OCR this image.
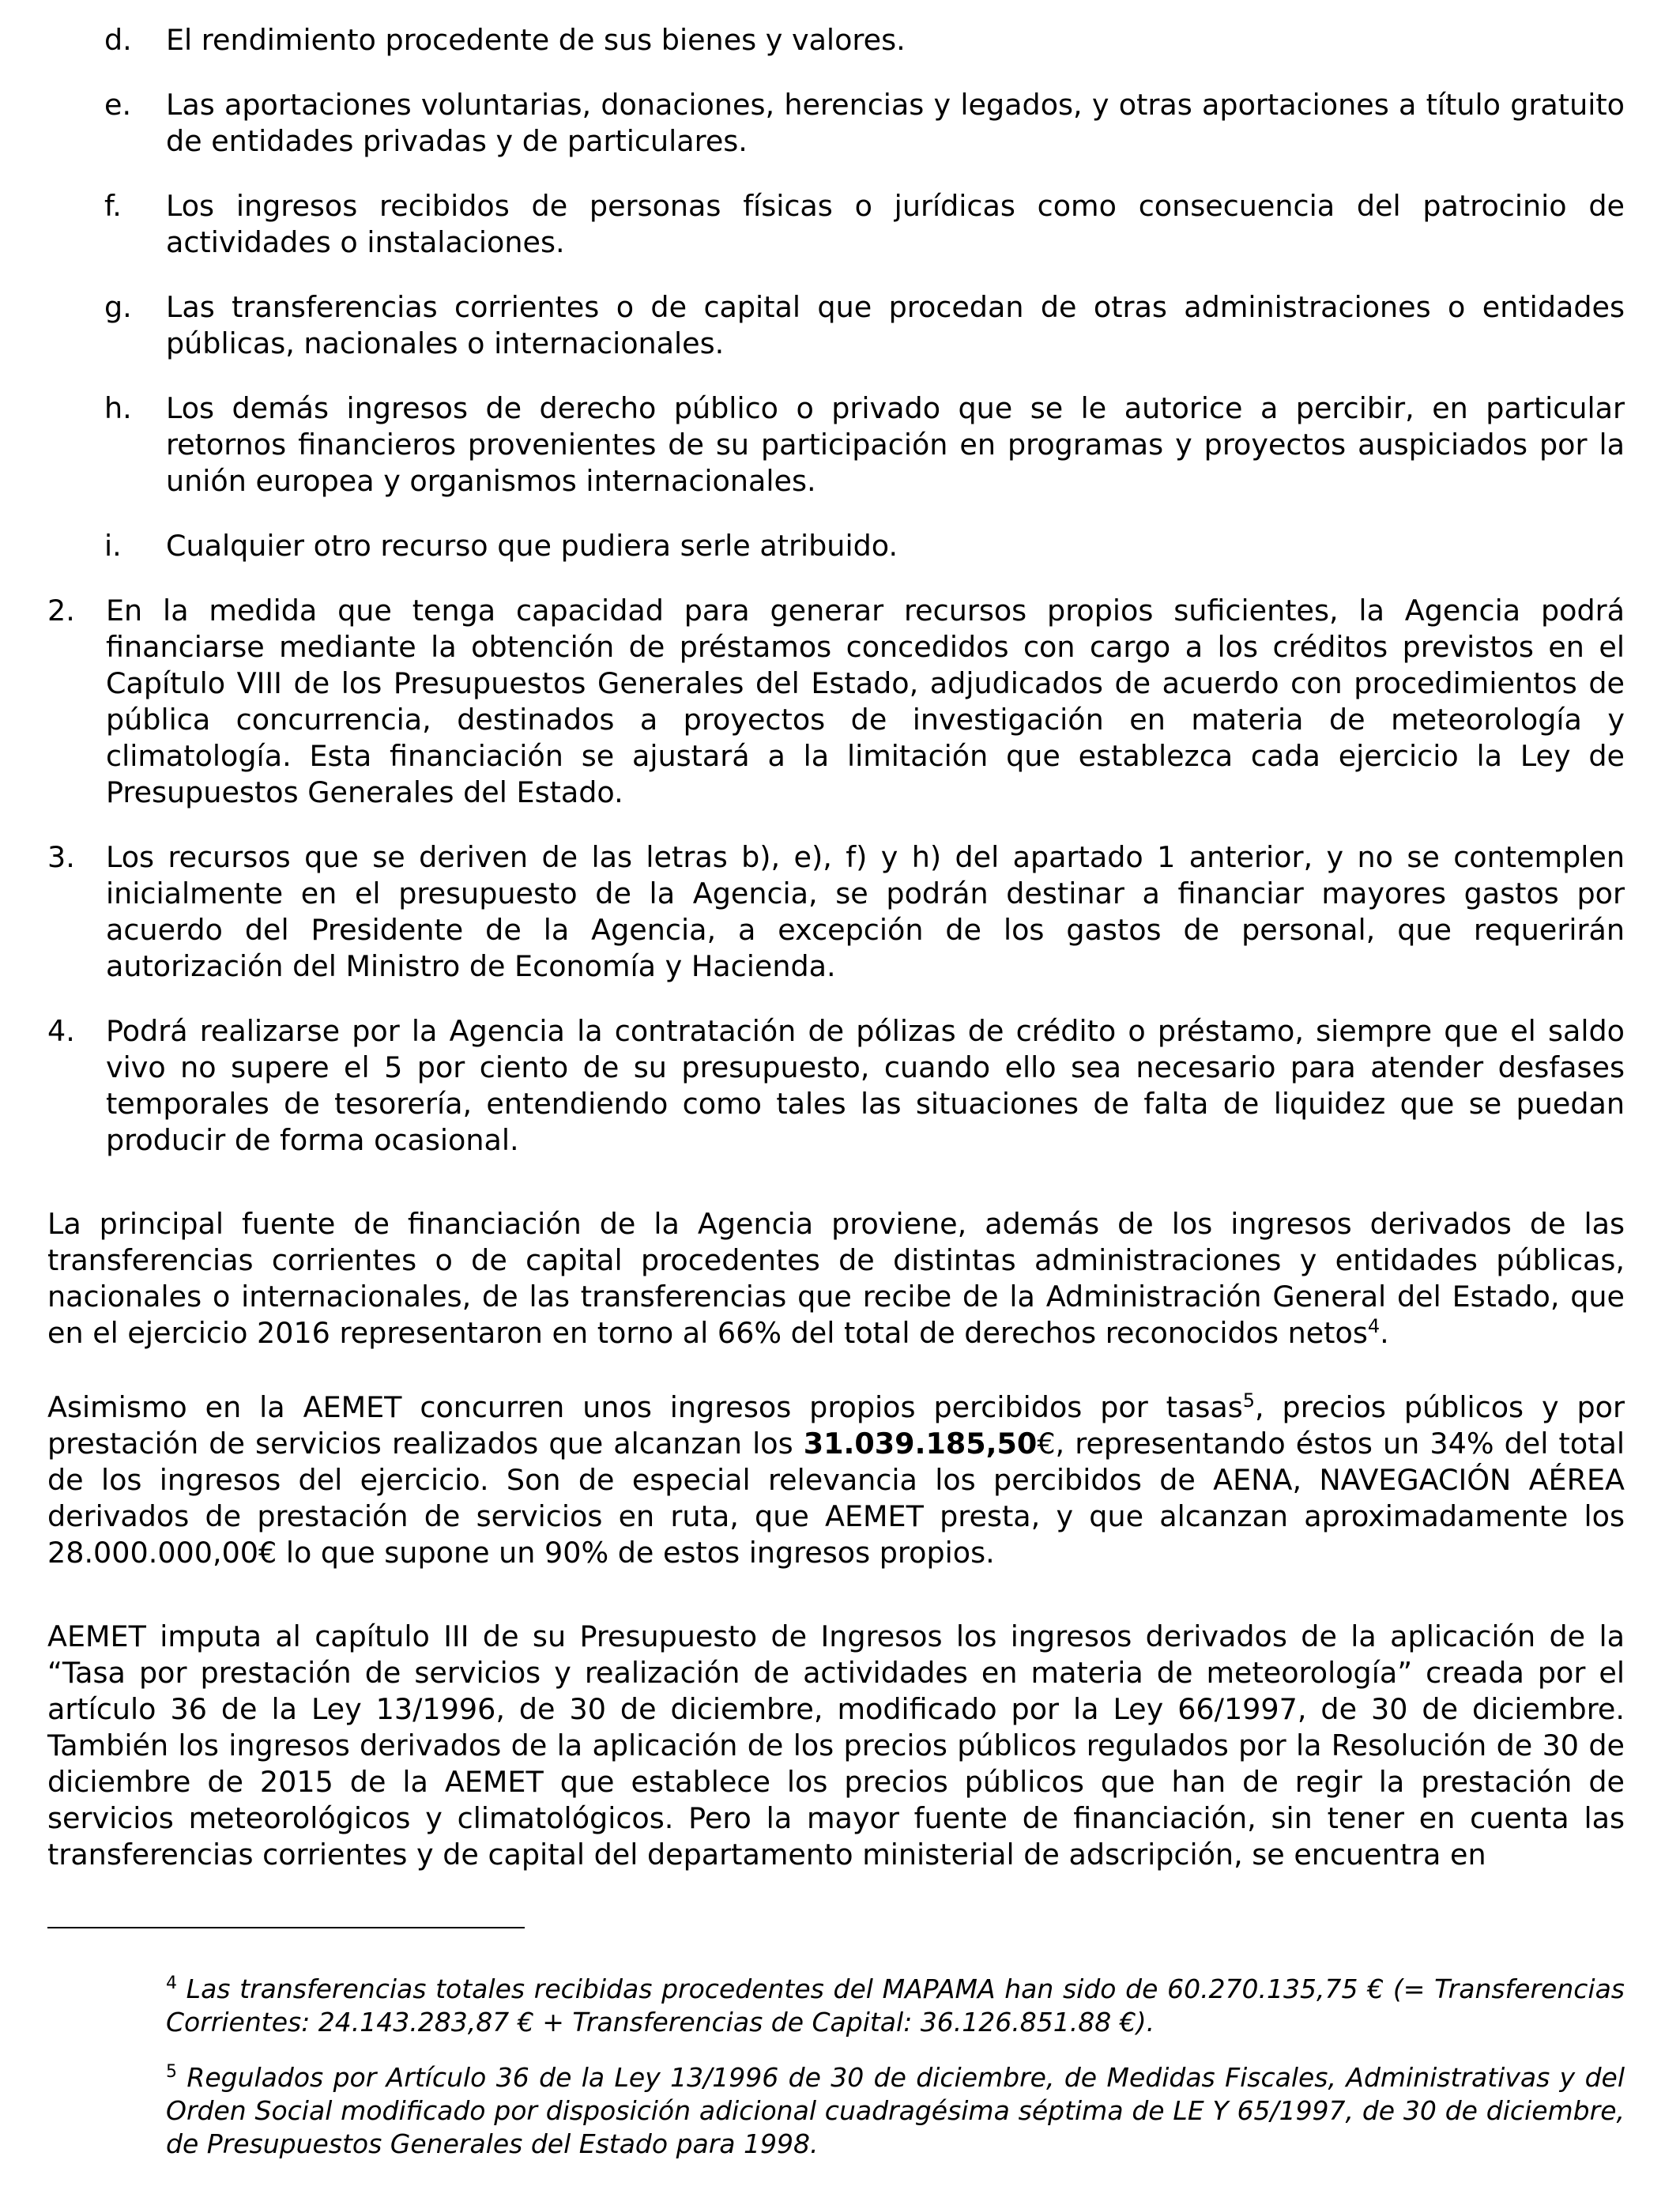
d. El rendimiento procedente de sus bienes y valores.
e. Las aportaciones voluntarias, donaciones, herencias y legados, y otras aportaciones a título gratuito de entidades privadas y de particulares.
f. Los ingresos recibidos de personas físicas o jurídicas como consecuencia del patrocinio de actividades o instalaciones.
g. Las transferencias corrientes o de capital que procedan de otras administraciones o entidades públicas, nacionales o internacionales.
h. Los demás ingresos de derecho público o privado que se le autorice a percibir, en particular retornos financieros provenientes de su participación en programas y proyectos auspiciados por la unión europea y organismos internacionales.
i. Cualquier otro recurso que pudiera serle atribuido.
2. En la medida que tenga capacidad para generar recursos propios suficientes, la Agencia podrá financiarse mediante la obtención de préstamos concedidos con cargo a los créditos previstos en el Capítulo VIII de los Presupuestos Generales del Estado, adjudicados de acuerdo con procedimientos de pública concurrencia, destinados a proyectos de investigación en materia de meteorología y climatología. Esta financiación se ajustará a la limitación que establezca cada ejercicio la Ley de Presupuestos Generales del Estado.
3. Los recursos que se deriven de las letras b), e), f) y h) del apartado 1 anterior, y no se contemplen inicialmente en el presupuesto de la Agencia, se podrán destinar a financiar mayores gastos por acuerdo del Presidente de la Agencia, a excepción de los gastos de personal, que requerirán autorización del Ministro de Economía y Hacienda.
4. Podrá realizarse por la Agencia la contratación de pólizas de crédito o préstamo, siempre que el saldo vivo no supere el 5 por ciento de su presupuesto, cuando ello sea necesario para atender desfases temporales de tesorería, entendiendo como tales las situaciones de falta de liquidez que se puedan producir de forma ocasional.

La principal fuente de financiación de la Agencia proviene, además de los ingresos derivados de las transferencias corrientes o de capital procedentes de distintas administraciones y entidades públicas, nacionales o internacionales, de las transferencias que recibe de la Administración General del Estado, que en el ejercicio 2016 representaron en torno al 66% del total de derechos reconocidos netos$^4$.

Asimismo en la AEMET concurren unos ingresos propios percibidos por tasas$^5$, precios públicos y por prestación de servicios realizados que alcanzan los 31.039.185,50€, representando éstos un 34% del total de los ingresos del ejercicio. Son de especial relevancia los percibidos de AENA, NAVEGACIÓN AÉREA derivados de prestación de servicios en ruta, que AEMET presta, y que alcanzan aproximadamente los 28.000.000,00€ lo que supone un 90% de estos ingresos propios.

AEMET imputa al capítulo III de su Presupuesto de Ingresos los ingresos derivados de la aplicación de la “Tasa por prestación de servicios y realización de actividades en materia de meteorología” creada por el artículo 36 de la Ley 13/1996, de 30 de diciembre, modificado por la Ley 66/1997, de 30 de diciembre. También los ingresos derivados de la aplicación de los precios públicos regulados por la Resolución de 30 de diciembre de 2015 de la AEMET que establece los precios públicos que han de regir la prestación de servicios meteorológicos y climatológicos. Pero la mayor fuente de financiación, sin tener en cuenta las transferencias corrientes y de capital del departamento ministerial de adscripción, se encuentra en

$^4$ Las transferencias totales recibidas procedentes del MAPAMA han sido de 60.270.135,75 € (= Transferencias Corrientes: 24.143.283,87 € + Transferencias de Capital: 36.126.851.88 €).

$^5$ Regulados por Artículo 36 de la Ley 13/1996 de 30 de diciembre, de Medidas Fiscales, Administrativas y del Orden Social modificado por disposición adicional cuadragésima séptima de LE Y 65/1997, de 30 de diciembre, de Presupuestos Generales del Estado para 1998.
